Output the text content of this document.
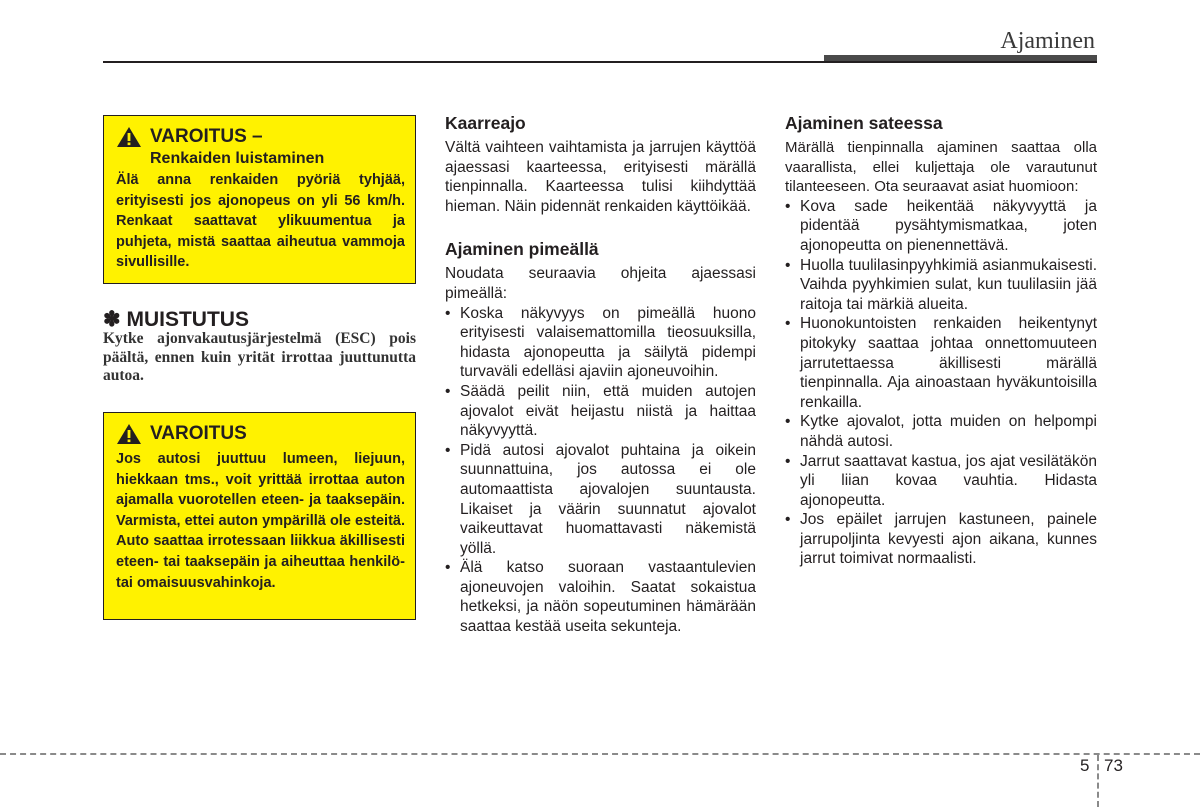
Ajaminen
VAROITUS –
Renkaiden luistaminen
Älä anna renkaiden pyöriä tyhjää, erityisesti jos ajonopeus on yli 56 km/h. Renkaat saattavat ylikuumentua ja puhjeta, mistä saattaa aiheutua vammoja sivullisille.
✽ MUISTUTUS
Kytke ajonvakautusjärjestelmä (ESC) pois päältä, ennen kuin yrität irrottaa juuttunutta autoa.
VAROITUS
Jos autosi juuttuu lumeen, liejuun, hiekkaan tms., voit yrittää irrottaa auton ajamalla vuorotellen eteen- ja taaksepäin. Varmista, ettei auton ympärillä ole esteitä. Auto saattaa irrotessaan liikkua äkillisesti eteen- tai taaksepäin ja aiheuttaa henkilö- tai omaisuusvahinkoja.
Kaarreajo

Vältä vaihteen vaihtamista ja jarrujen käyttöä ajaessasi kaarteessa, erityisesti märällä tienpinnalla. Kaarteessa tulisi kiihdyttää hieman. Näin pidennät renkaiden käyttöikää.

Ajaminen pimeällä

Noudata seuraavia ohjeita ajaessasi pimeällä:

• Koska näkyvyys on pimeällä huono erityisesti valaisemattomilla tieosuuksilla, hidasta ajonopeutta ja säilytä pidempi turvaväli edelläsi ajaviin ajoneuvoihin.
• Säädä peilit niin, että muiden autojen ajovalot eivät heijastu niistä ja haittaa näkyvyyttä.
• Pidä autosi ajovalot puhtaina ja oikein suunnattuina, jos autossa ei ole automaattista ajovalojen suuntausta. Likaiset ja väärin suunnatut ajovalot vaikeuttavat huomattavasti näkemistä yöllä.
• Älä katso suoraan vastaantulevien ajoneuvojen valoihin. Saatat sokaistua hetkeksi, ja näön sopeutuminen hämärään saattaa kestää useita sekunteja.
Ajaminen sateessa

Märällä tienpinnalla ajaminen saattaa olla vaarallista, ellei kuljettaja ole varautunut tilanteeseen. Ota seuraavat asiat huomioon:

• Kova sade heikentää näkyvyyttä ja pidentää pysähtymismatkaa, joten ajonopeutta on pienennettävä.
• Huolla tuulilasinpyyhkimiä asianmukaisesti. Vaihda pyyhkimien sulat, kun tuulilasiin jää raitoja tai märkiä alueita.
• Huonokuntoisten renkaiden heikentynyt pitokyky saattaa johtaa onnettomuuteen jarrutettaessa äkillisesti märällä tienpinnalla. Aja ainoastaan hyväkuntoisilla renkailla.
• Kytke ajovalot, jotta muiden on helpompi nähdä autosi.
• Jarrut saattavat kastua, jos ajat vesilätäkön yli liian kovaa vauhtia. Hidasta ajonopeutta.
• Jos epäilet jarrujen kastuneen, painele jarrupoljinta kevyesti ajon aikana, kunnes jarrut toimivat normaalisti.
5 73
